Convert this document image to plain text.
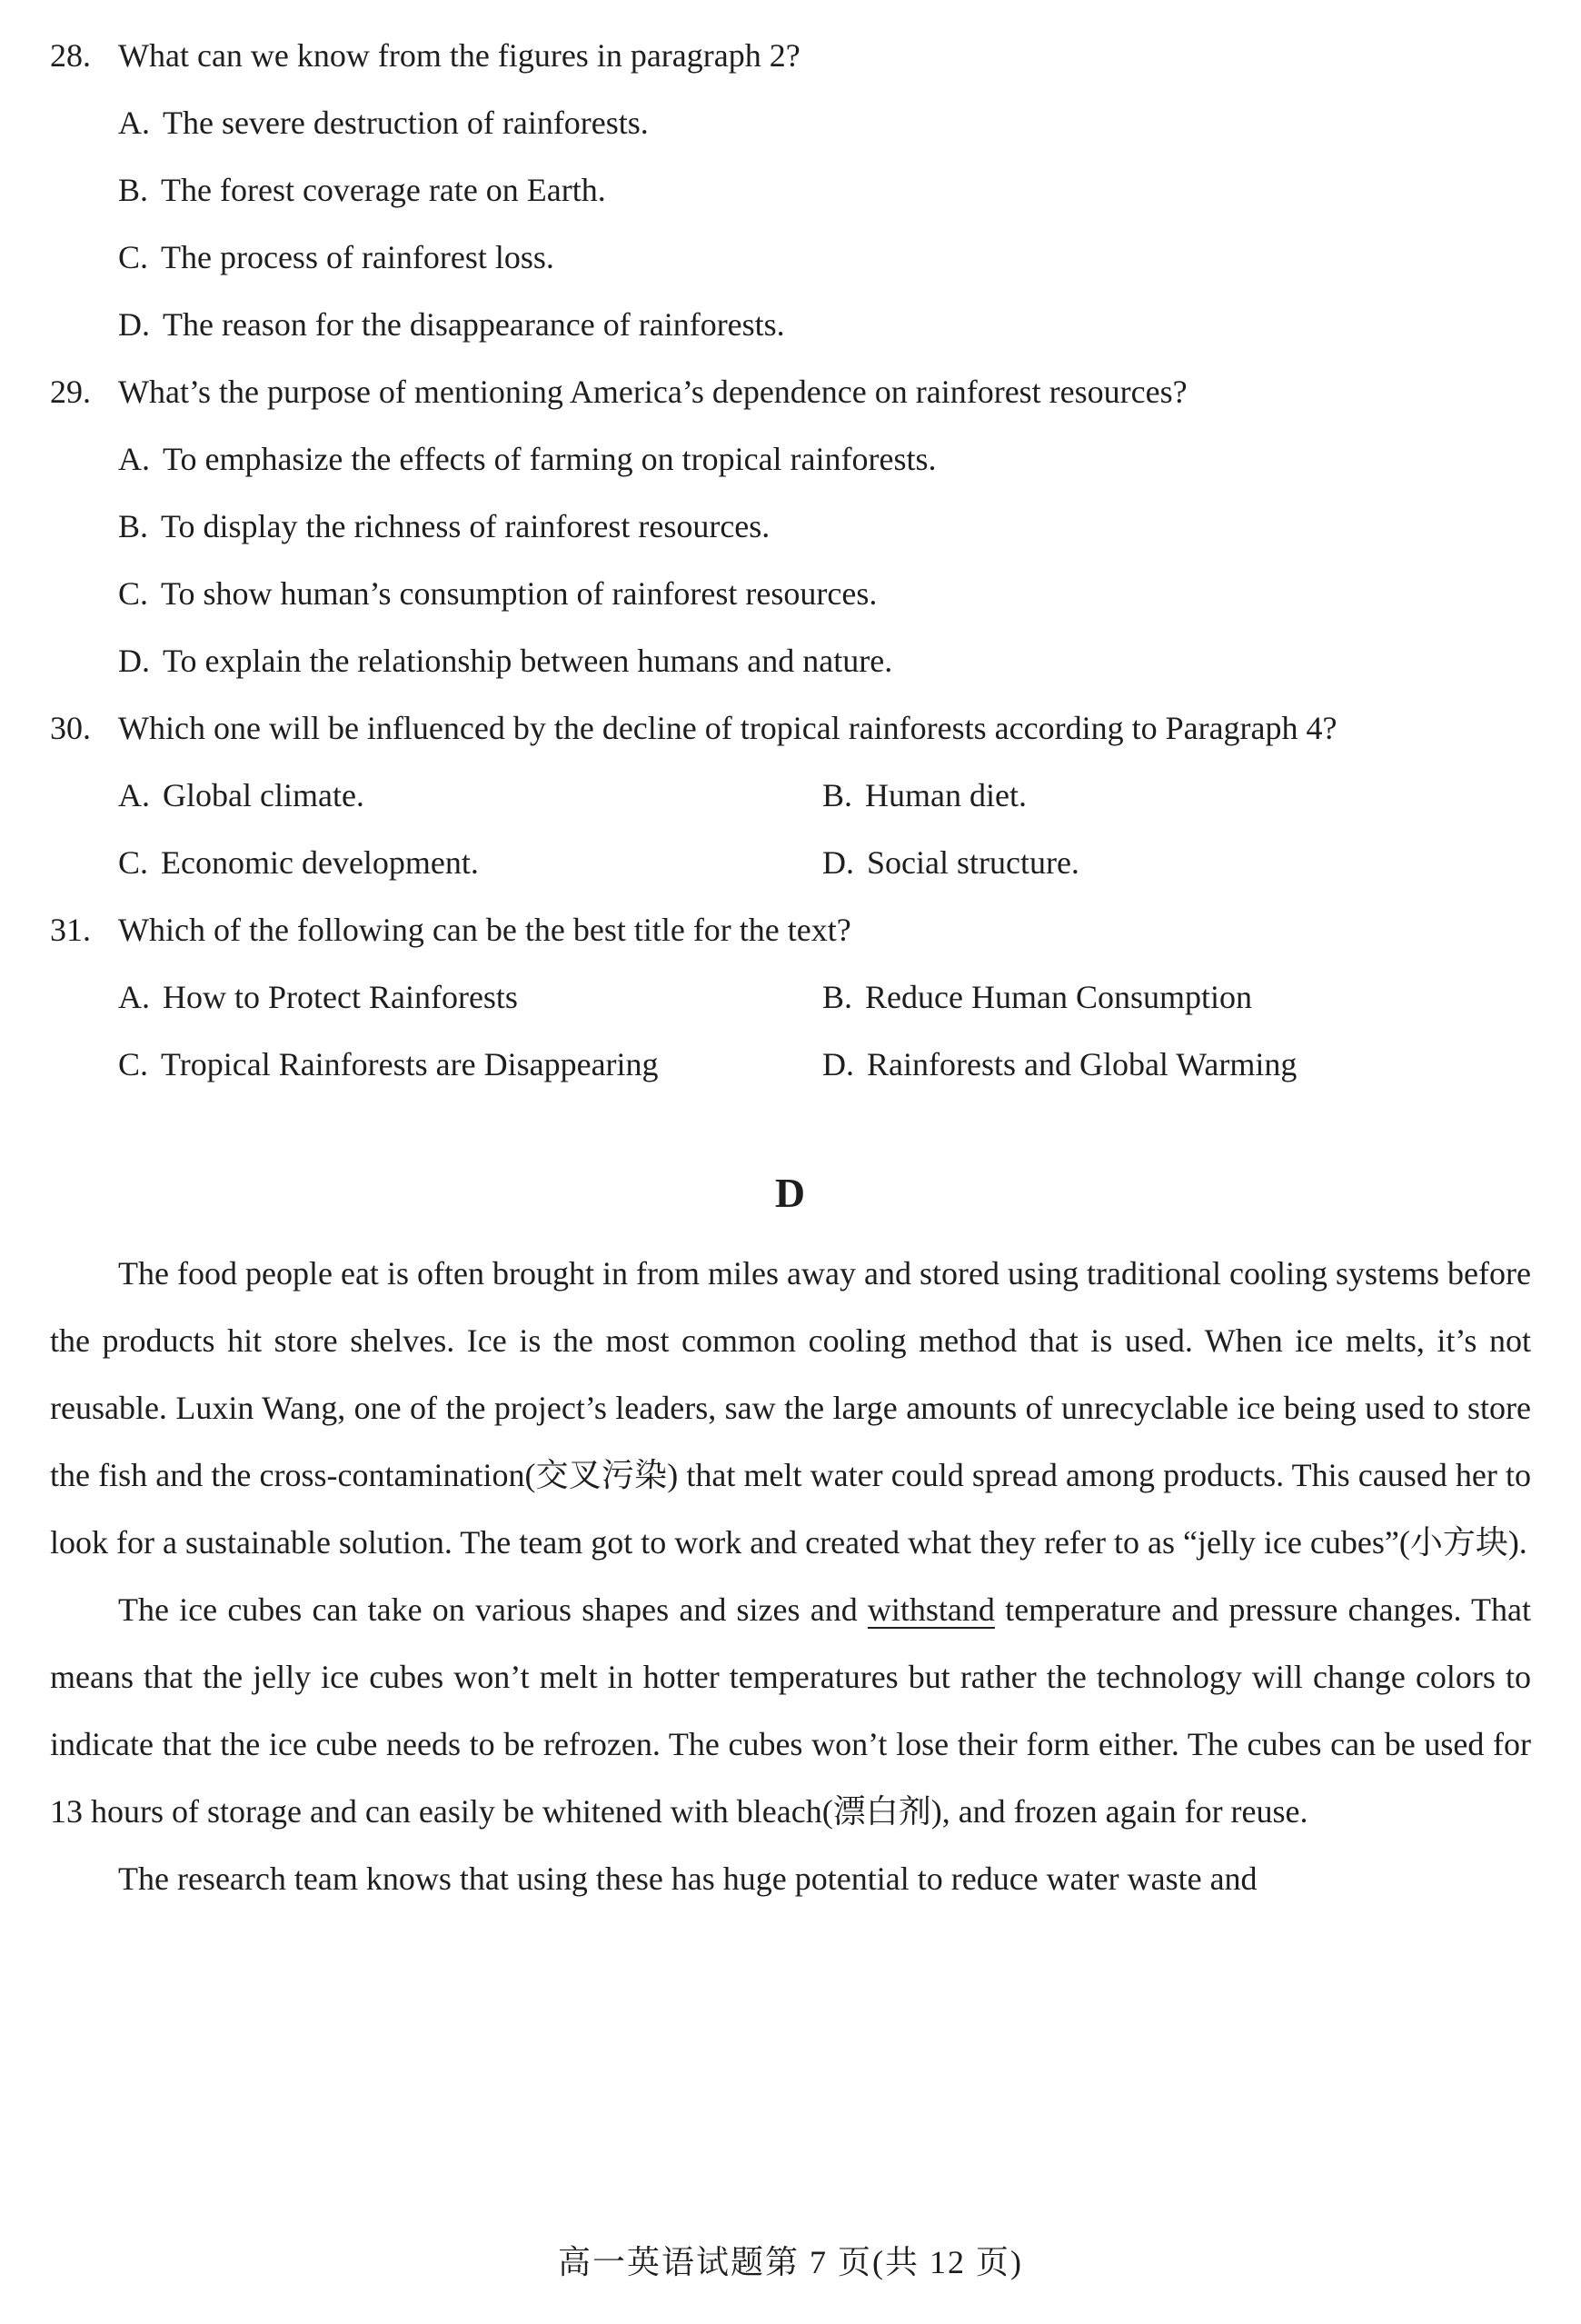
28. What can we know from the figures in paragraph 2?
A. The severe destruction of rainforests.
B. The forest coverage rate on Earth.
C. The process of rainforest loss.
D. The reason for the disappearance of rainforests.
29. What’s the purpose of mentioning America’s dependence on rainforest resources?
A. To emphasize the effects of farming on tropical rainforests.
B. To display the richness of rainforest resources.
C. To show human’s consumption of rainforest resources.
D. To explain the relationship between humans and nature.
30. Which one will be influenced by the decline of tropical rainforests according to Paragraph 4?
A. Global climate.	B. Human diet.
C. Economic development.	D. Social structure.
31. Which of the following can be the best title for the text?
A. How to Protect Rainforests	B. Reduce Human Consumption
C. Tropical Rainforests are Disappearing	D. Rainforests and Global Warming
D

The food people eat is often brought in from miles away and stored using traditional cooling systems before the products hit store shelves. Ice is the most common cooling method that is used. When ice melts, it’s not reusable. Luxin Wang, one of the project’s leaders, saw the large amounts of unrecyclable ice being used to store the fish and the cross-contamination(交叉污染) that melt water could spread among products. This caused her to look for a sustainable solution. The team got to work and created what they refer to as “jelly ice cubes”(小方块).

The ice cubes can take on various shapes and sizes and withstand temperature and pressure changes. That means that the jelly ice cubes won’t melt in hotter temperatures but rather the technology will change colors to indicate that the ice cube needs to be refrozen. The cubes won’t lose their form either. The cubes can be used for 13 hours of storage and can easily be whitened with bleach(漂白剂), and frozen again for reuse.

The research team knows that using these has huge potential to reduce water waste and

高一英语试题第 7 页(共 12 页)
